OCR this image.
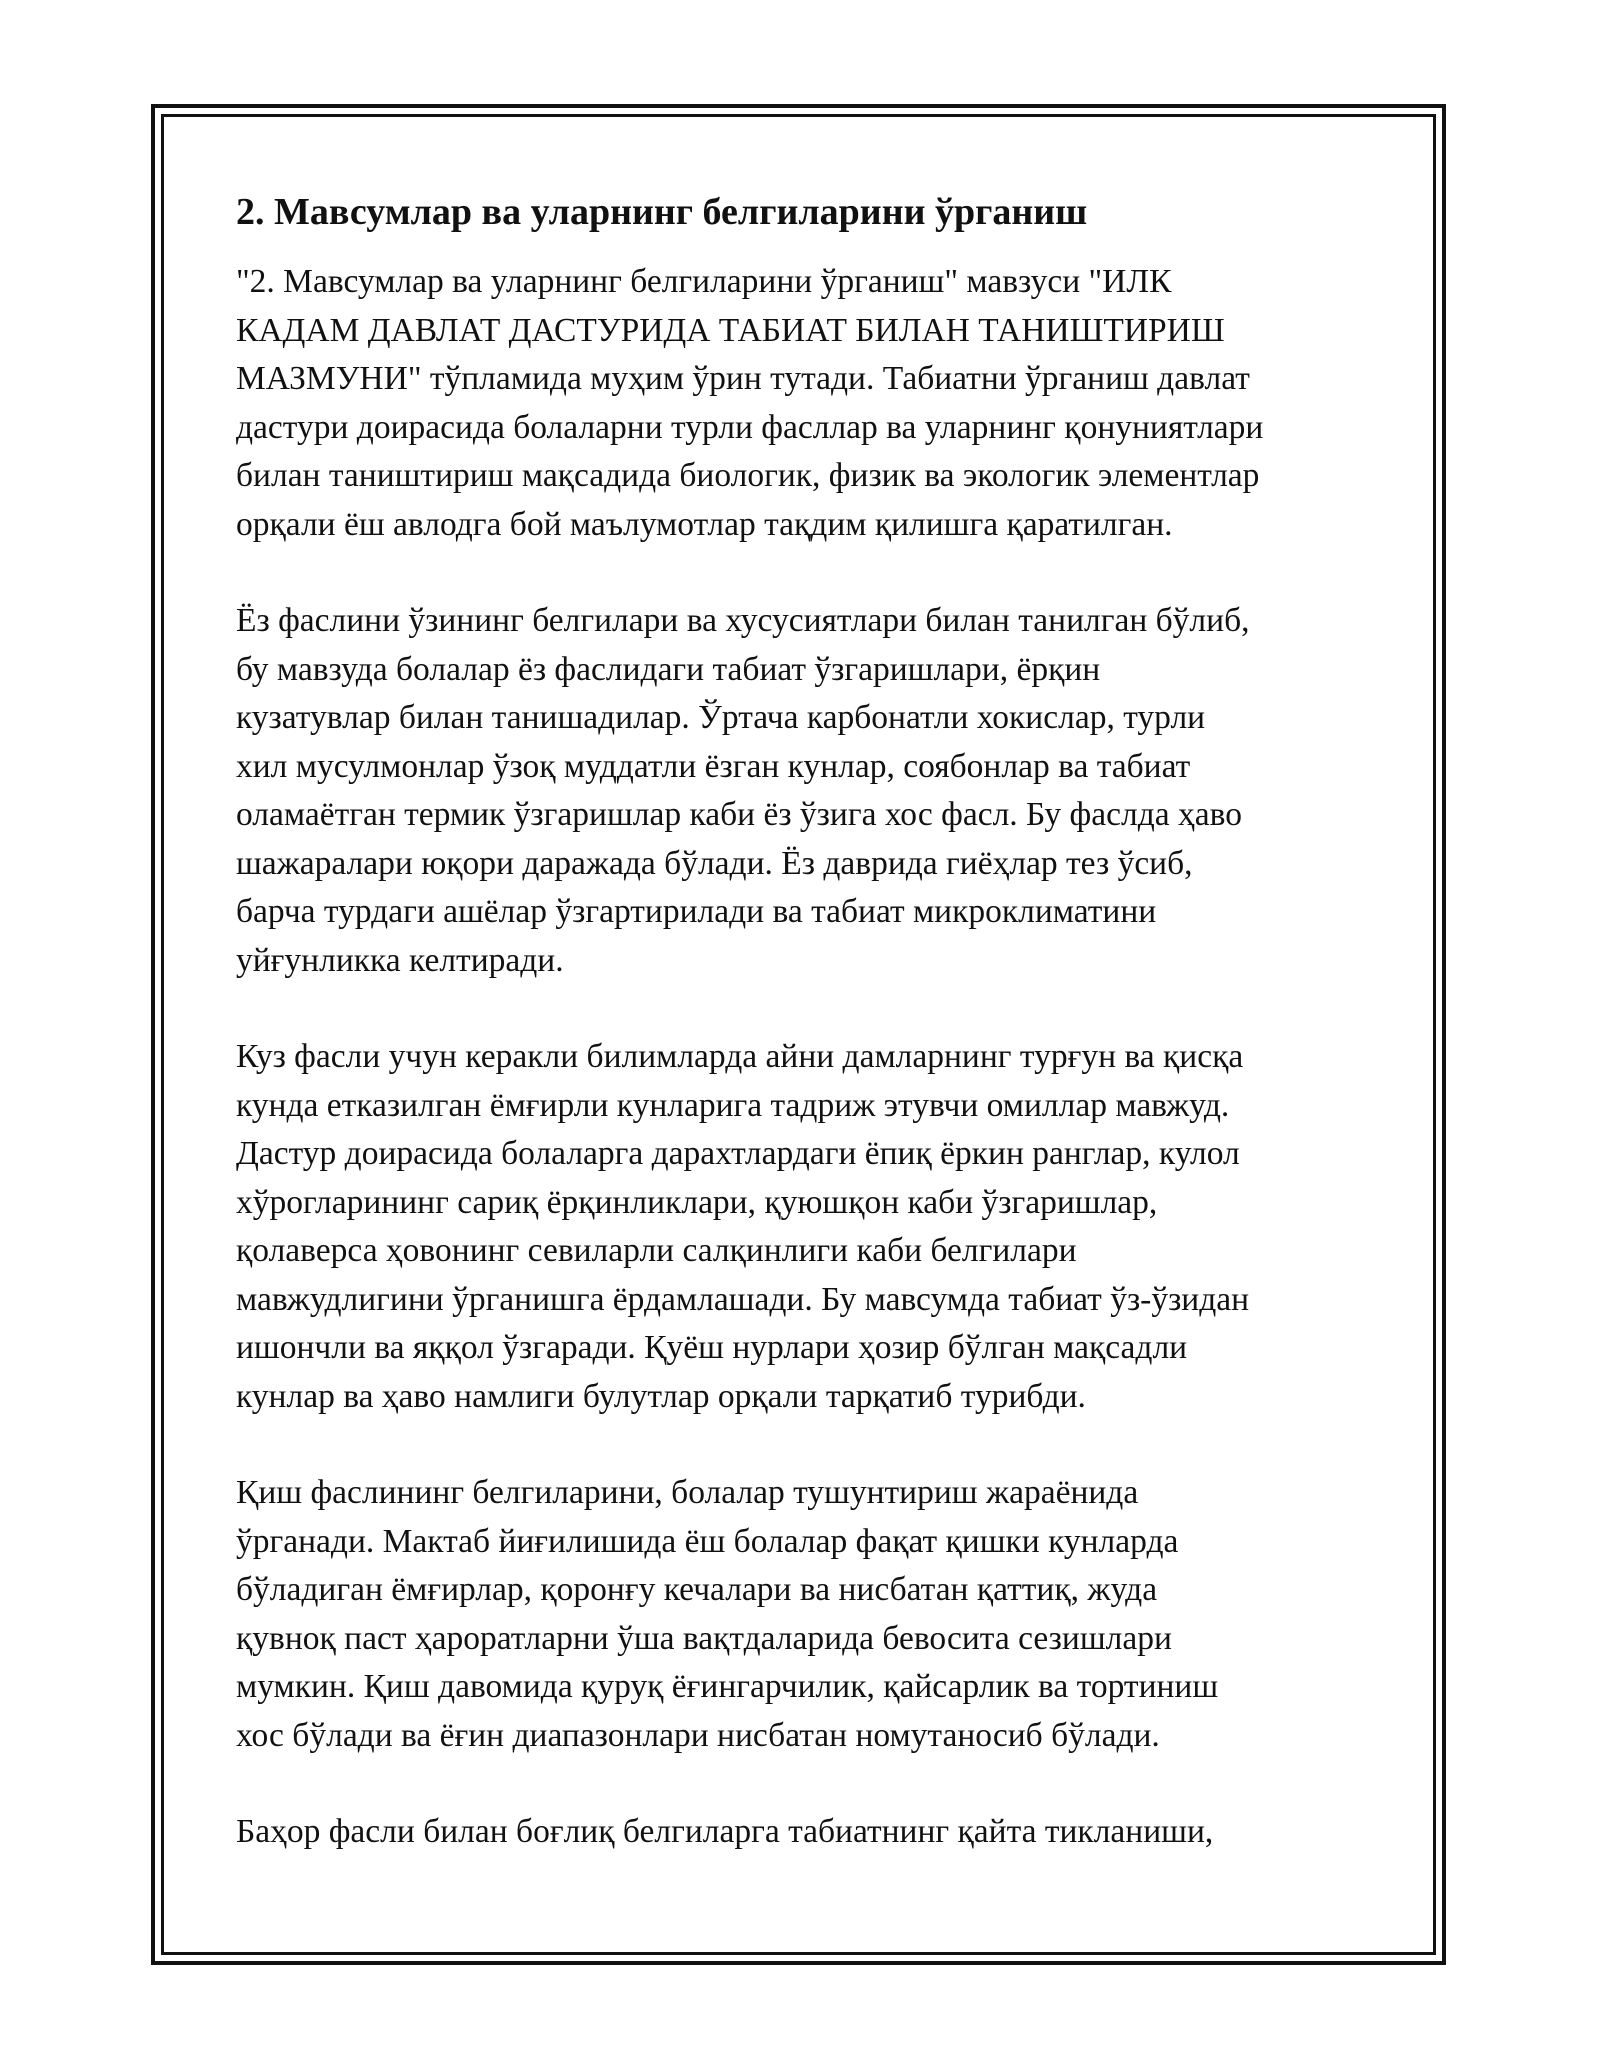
2. Мавсумлар ва уларнинг белгиларини ўрганиш

"2. Мавсумлар ва уларнинг белгиларини ўрганиш" мавзуси "ИЛК
КАДАМ ДАВЛАТ ДАСТУРИДА ТАБИАТ БИЛАН ТАНИШТИРИШ
МАЗМУНИ" тўпламида муҳим ўрин тутади. Табиатни ўрганиш давлат
дастури доирасида болаларни турли фасллар ва уларнинг қонуниятлари
билан таништириш мақсадида биологик, физик ва экологик элементлар
орқали ёш авлодга бой маълумотлар тақдим қилишга қаратилган.

Ёз фаслини ўзининг белгилари ва хусусиятлари билан танилган бўлиб,
бу мавзуда болалар ёз фаслидаги табиат ўзгаришлари, ёрқин
кузатувлар билан танишадилар. Ўртача карбонатли хокислар, турли
хил мусулмонлар ўзоқ муддатли ёзган кунлар, соябонлар ва табиат
оламаётган термик ўзгаришлар каби ёз ўзига хос фасл. Бу фаслда ҳаво
шажаралари юқори даражада бўлади. Ёз даврида гиёҳлар тез ўсиб,
барча турдаги ашёлар ўзгартирилади ва табиат микроклиматини
уйғунликка келтиради.

Куз фасли учун керакли билимларда айни дамларнинг турғун ва қисқа
кунда етказилган ёмғирли кунларига тадриж этувчи омиллар мавжуд.
Дастур доирасида болаларга дарахтлардаги ёпиқ ёркин ранглар, кулол
хўрогларининг сариқ ёрқинликлари, қуюшқон каби ўзгаришлар,
қолаверса ҳовонинг севиларли салқинлиги каби белгилари
мавжудлигини ўрганишга ёрдамлашади. Бу мавсумда табиат ўз-ўзидан
ишончли ва яққол ўзгаради. Қуёш нурлари ҳозир бўлган мақсадли
кунлар ва ҳаво намлиги булутлар орқали тарқатиб турибди.

Қиш фаслининг белгиларини, болалар тушунтириш жараёнида
ўрганади. Мактаб йиғилишида ёш болалар фақат қишки кунларда
бўладиган ёмғирлар, қоронғу кечалари ва нисбатан қаттиқ, жуда
қувноқ паст ҳароратларни ўша вақтдаларида бевосита сезишлари
мумкин. Қиш давомида қуруқ ёғингарчилик, қайсарлик ва тортиниш
хос бўлади ва ёғин диапазонлари нисбатан номутаносиб бўлади.

Баҳор фасли билан боғлиқ белгиларга табиатнинг қайта тикланиши,
